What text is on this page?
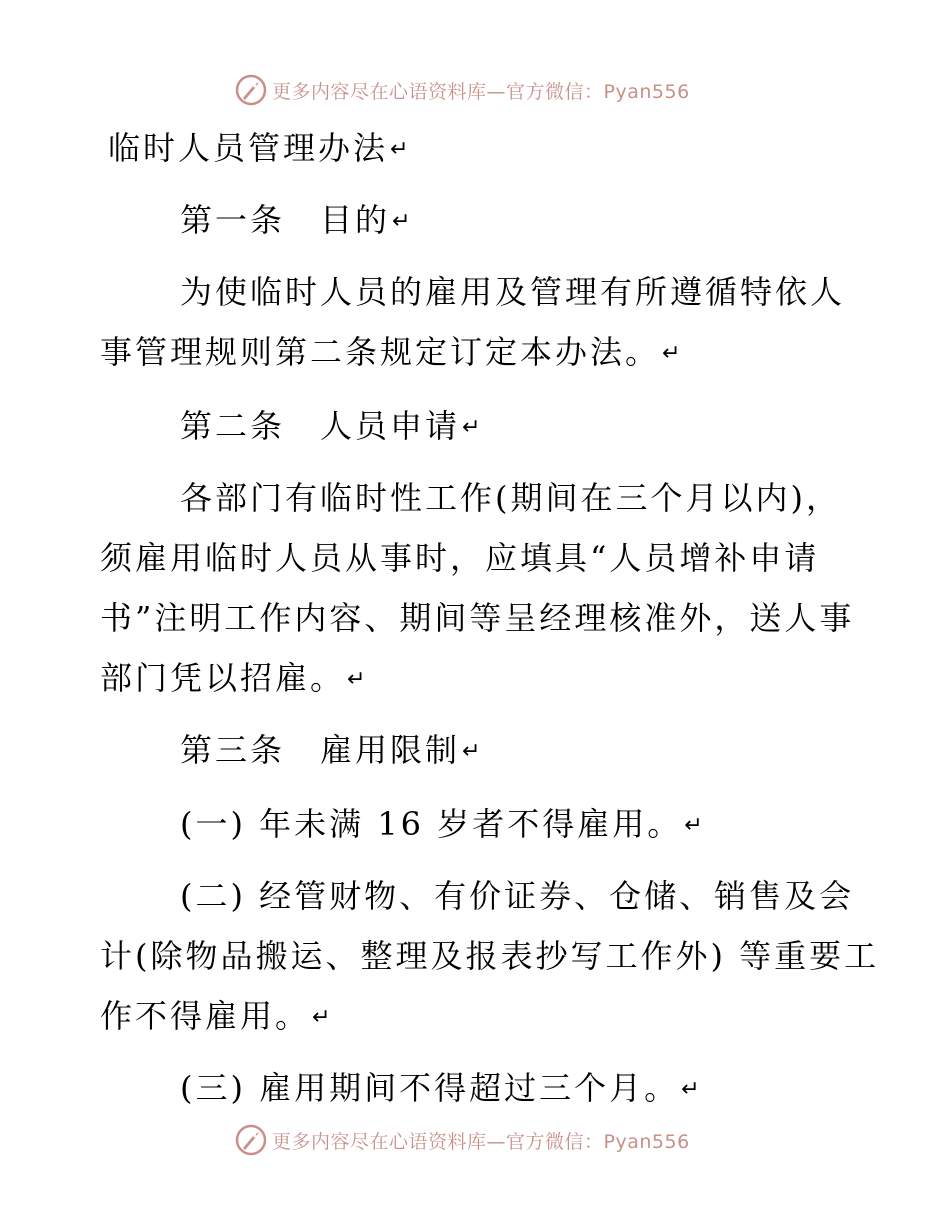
更多内容尽在心语资料库—官方微信：Pyan556
临时人员管理办法↵
第一条　目的↵
为使临时人员的雇用及管理有所遵循特依人
事管理规则第二条规定订定本办法。↵
第二条　人员申请↵
各部门有临时性工作(期间在三个月以内)，
须雇用临时人员从事时，应填具“人员增补申请
书”注明工作内容、期间等呈经理核准外，送人事
部门凭以招雇。↵
第三条　雇用限制↵
(一) 年未满 16 岁者不得雇用。↵
(二) 经管财物、有价证券、仓储、销售及会
计(除物品搬运、整理及报表抄写工作外) 等重要工
作不得雇用。↵
(三) 雇用期间不得超过三个月。↵
更多内容尽在心语资料库—官方微信：Pyan556
